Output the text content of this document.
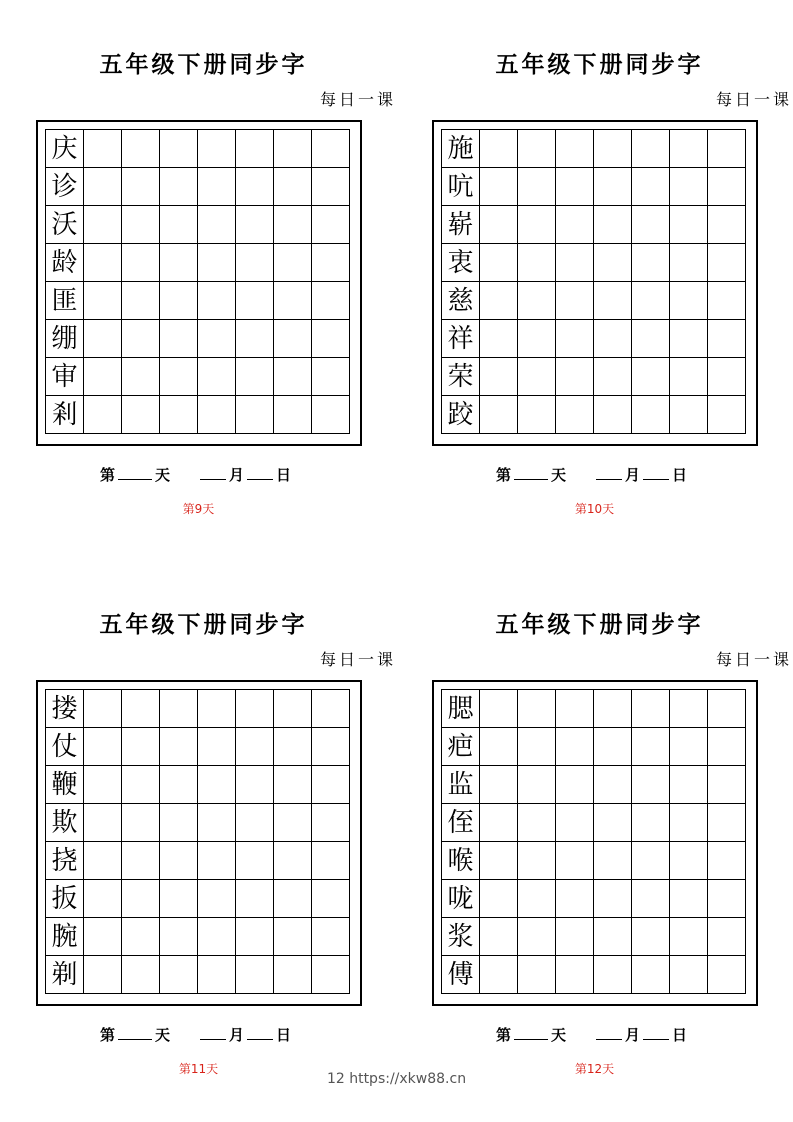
五年级下册同步字
每日一课
庆
诊
沃
龄
匪
绷
审
剎
第	天	月 日
第9天
五年级下册同步字
每日一课
施
吭
崭
衷
慈
祥
荣
跤
第	天	月 日
第10天
五年级下册同步字
每日一课
搂
仗
鞭
欺
挠
扳
腕
剃
第	天	月 日
第11天
五年级下册同步字
每日一课
腮
疤
监
侄
喉
咙
浆
傅
第	天	月 日
第12天
12 https://xkw88.cn
